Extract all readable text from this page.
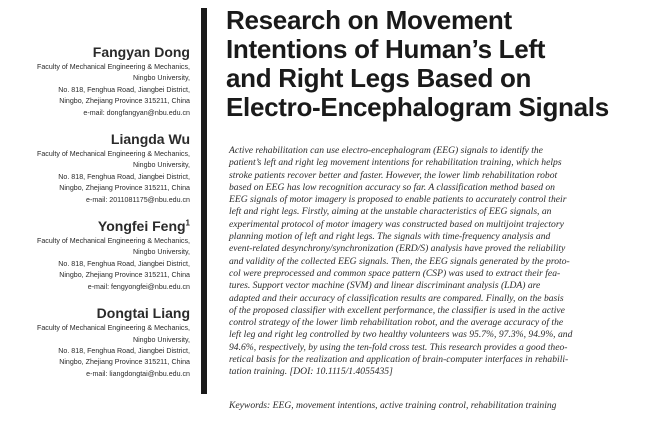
Fangyan Dong
Faculty of Mechanical Engineering & Mechanics,
Ningbo University,
No. 818, Fenghua Road, Jiangbei District,
Ningbo, Zhejiang Province 315211, China
e-mail: dongfangyan@nbu.edu.cn
Liangda Wu
Faculty of Mechanical Engineering & Mechanics,
Ningbo University,
No. 818, Fenghua Road, Jiangbei District,
Ningbo, Zhejiang Province 315211, China
e-mail: 2011081175@nbu.edu.cn
Yongfei Feng$^1$
Faculty of Mechanical Engineering & Mechanics,
Ningbo University,
No. 818, Fenghua Road, Jiangbei District,
Ningbo, Zhejiang Province 315211, China
e-mail: fengyongfei@nbu.edu.cn
Dongtai Liang
Faculty of Mechanical Engineering & Mechanics,
Ningbo University,
No. 818, Fenghua Road, Jiangbei District,
Ningbo, Zhejiang Province 315211, China
e-mail: liangdongtai@nbu.edu.cn
Research on Movement
Intentions of Human’s Left
and Right Legs Based on
Electro-Encephalogram Signals
Active rehabilitation can use electro-encephalogram (EEG) signals to identify the
patient’s left and right leg movement intentions for rehabilitation training, which helps
stroke patients recover better and faster. However, the lower limb rehabilitation robot
based on EEG has low recognition accuracy so far. A classification method based on
EEG signals of motor imagery is proposed to enable patients to accurately control their
left and right legs. Firstly, aiming at the unstable characteristics of EEG signals, an
experimental protocol of motor imagery was constructed based on multijoint trajectory
planning motion of left and right legs. The signals with time-frequency analysis and
event-related desynchrony/synchronization (ERD/S) analysis have proved the reliability
and validity of the collected EEG signals. Then, the EEG signals generated by the proto-
col were preprocessed and common space pattern (CSP) was used to extract their fea-
tures. Support vector machine (SVM) and linear discriminant analysis (LDA) are
adapted and their accuracy of classification results are compared. Finally, on the basis
of the proposed classifier with excellent performance, the classifier is used in the active
control strategy of the lower limb rehabilitation robot, and the average accuracy of the
left leg and right leg controlled by two healthy volunteers was 95.7%, 97.3%, 94.9%, and
94.6%, respectively, by using the ten-fold cross test. This research provides a good theo-
retical basis for the realization and application of brain-computer interfaces in rehabili-
tation training. [DOI: 10.1115/1.4055435]
Keywords: EEG, movement intentions, active training control, rehabilitation training
